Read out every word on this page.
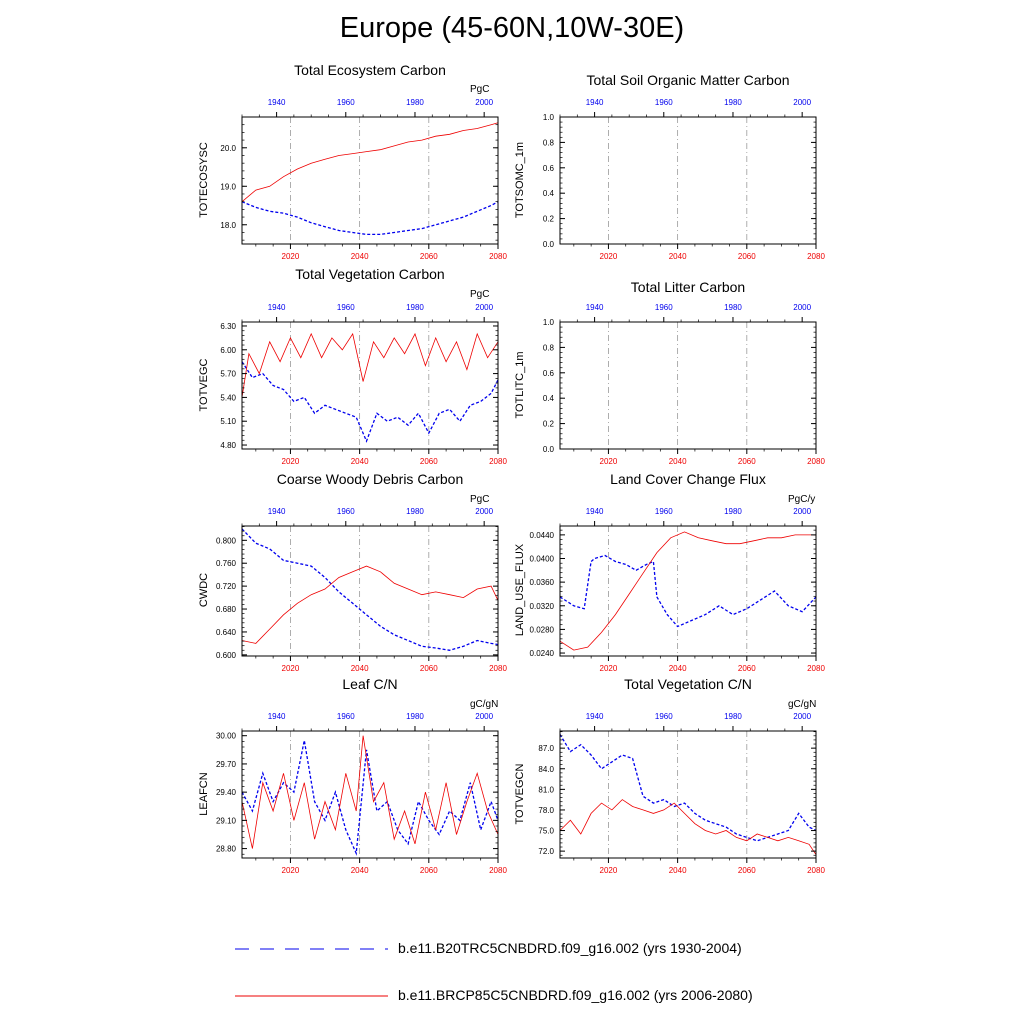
Europe (45-60N,10W-30E)
Total Ecosystem Carbon
TOTECOSYSC
PgC
Total Soil Organic Matter Carbon
TOTSOMC_1m
Total Vegetation Carbon
TOTVEGC
PgC	Total Litter Carbon
TOTLITC_1m
Coarse Woody Debris Carbon
CWDC
PgC
Land Cover Change Flux
LAND_USE_FLUX
PgC/y
Leaf C/N
LEAFCN
gC/gN
Total Vegetation C/N
TOTVEGCN
gC/gN
18.0
19.0
20.0
2020	2040	2060	2080
1940	1960	1980	2000
0.0
0.2
0.4
0.6
0.8
1.0
2020	2040	2060	2080
1940	1960	1980	2000
4.80
5.10
5.40
5.70
6.00
6.30
2020	2040	2060	2080
1940	1960	1980	2000
0.0
0.2
0.4
0.6
0.8
1.0
2020	2040	2060	2080
1940	1960	1980	2000
0.600
0.640
0.680
0.720
0.760
0.800
2020	2040	2060	2080
1940	1960	1980	2000
0.0240
0.0280
0.0320
0.0360
0.0400
0.0440
2020	2040	2060	2080
1940	1960	1980	2000
28.80
29.10
29.40
29.70
30.00
2020	2040	2060	2080
1940	1960	1980	2000
72.0
75.0
78.0
81.0
84.0
87.0
2020	2040	2060	2080
1940	1960	1980	2000
b.e11.B20TRC5CNBDRD.f09_g16.002 (yrs 1930-2004)
b.e11.BRCP85C5CNBDRD.f09_g16.002 (yrs 2006-2080)
